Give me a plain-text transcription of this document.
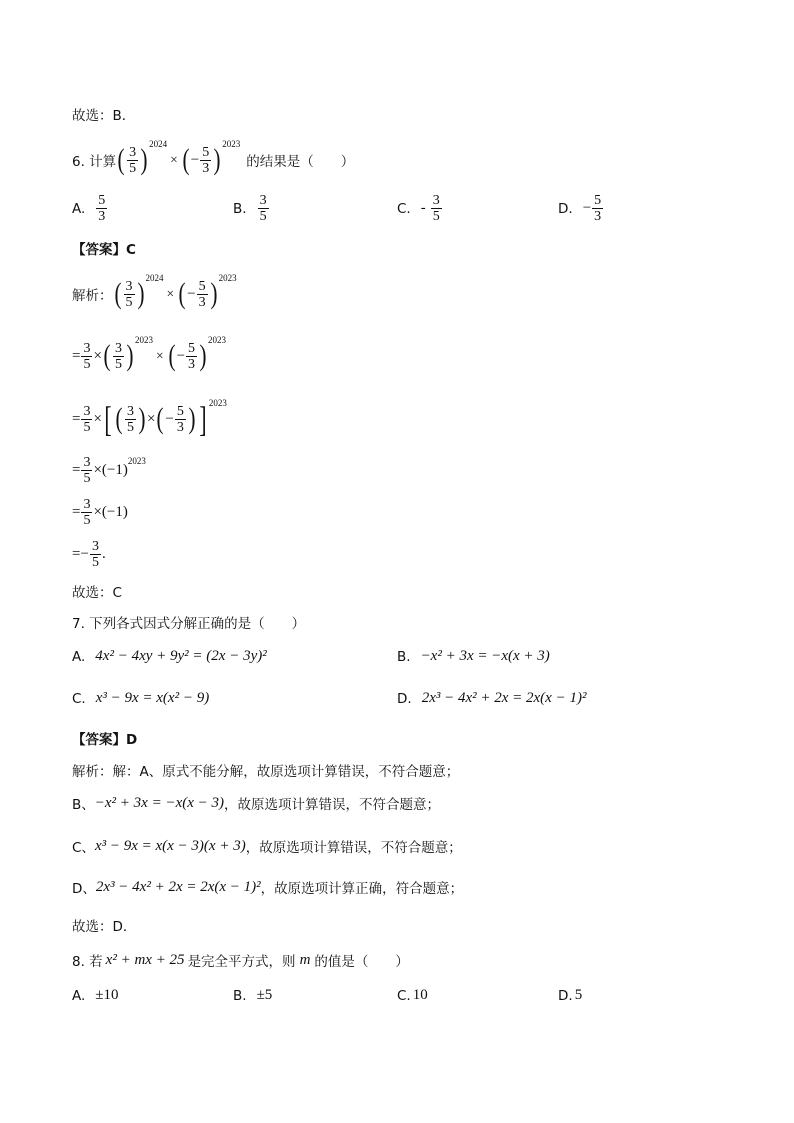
故选：B．
6. 计算 ( $\frac{3}{5}$ ) 2024
× ( − $\frac{5}{3}$ ) 2023
的结果是（　　）
A. $\frac{5}{3}$	B. $\frac{3}{5}$	C. - $\frac{3}{5}$	D. − $\frac{5}{3}$
【答案】C
解析： ( $\frac{3}{5}$ ) 2024
× ( − $\frac{5}{3}$ ) 2023
= $\frac{3}{5}$ × ( $\frac{3}{5}$ ) 2023
× ( − $\frac{5}{3}$ ) 2023
= $\frac{3}{5}$ × [ ( $\frac{3}{5}$ ) × ( − $\frac{5}{3}$ ) ] 2023
= $\frac{3}{5} \times(-1)$
2023
= $\frac{3}{5} \times(-1)$
= − $\frac{3}{5}$ .
故选：C
7. 下列各式因式分解正确的是（　　）
A. 4x² − 4xy + 9y² = (2x − 3y)²	B. −x² + 3x = −x(x + 3)
C. x³ − 9x = x(x² − 9)	D. 2x³ − 4x² + 2x = 2x(x − 1)²
【答案】D
解析：解：A、原式不能分解，故原选项计算错误，不符合题意；
B、 −x² + 3x = −x(x − 3) ，故原选项计算错误，不符合题意；
C、 x³ − 9x = x(x − 3)(x + 3) ，故原选项计算错误，不符合题意；
D、 2x³ − 4x² + 2x = 2x(x − 1)² ，故原选项计算正确，符合题意；
故选：D．
8. 若 x² + mx + 25 是完全平方式，则 m 的值是（　　）
A. ±10	B. ±5	C. 10	D. 5
